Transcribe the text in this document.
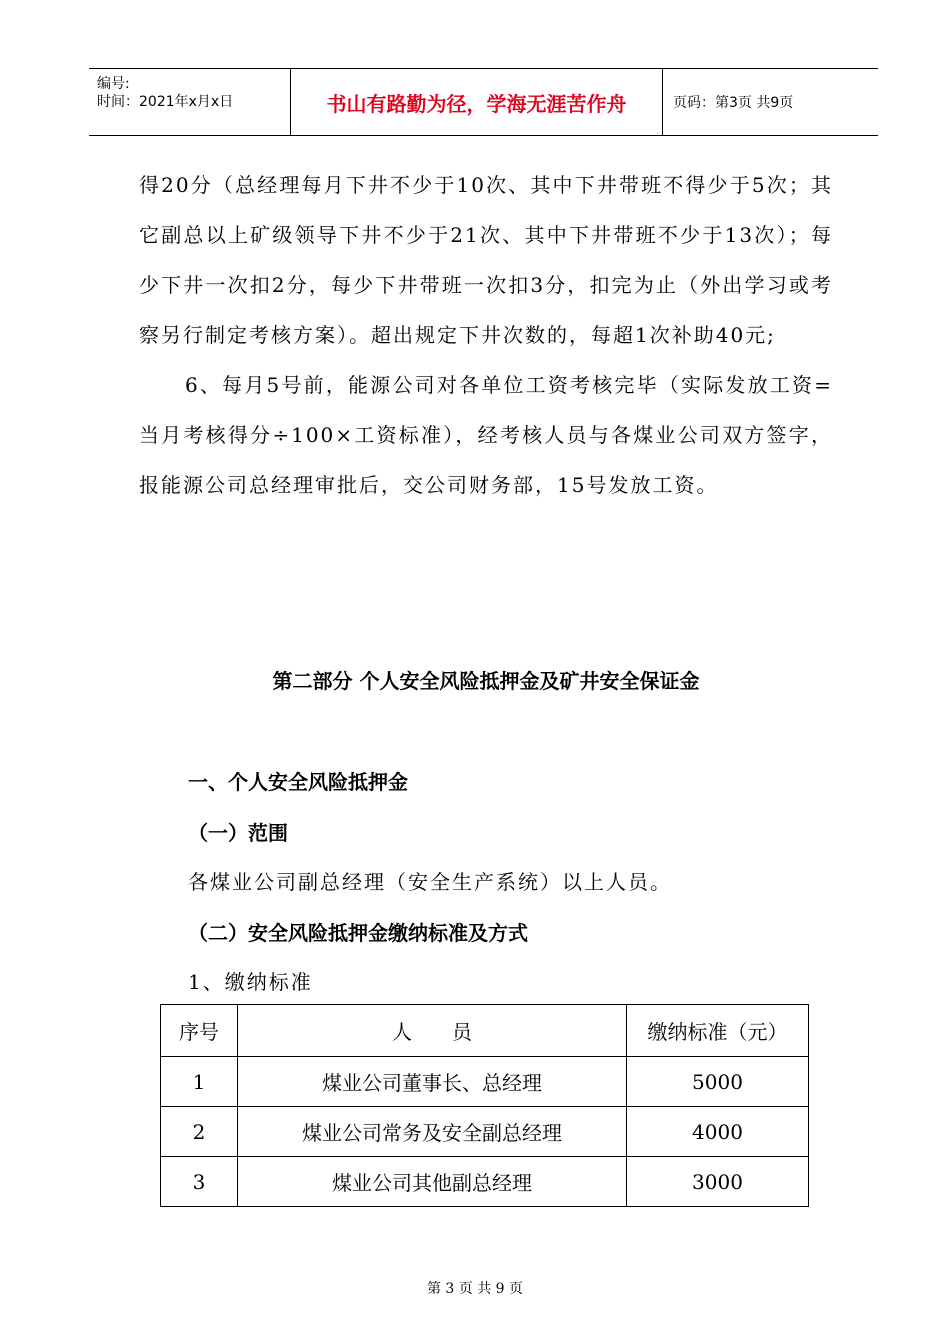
编号:
时间：2021年x月x日	书山有路勤为径，学海无涯苦作舟	页码：第3页 共9页

得20分（总经理每月下井不少于10次、其中下井带班不得少于5次；其它副总以上矿级领导下井不少于21次、其中下井带班不少于13次）；每少下井一次扣2分，每少下井带班一次扣3分，扣完为止（外出学习或考察另行制定考核方案）。超出规定下井次数的，每超1次补助40元;

6、每月5号前，能源公司对各单位工资考核完毕（实际发放工资=当月考核得分÷100×工资标准），经考核人员与各煤业公司双方签字，报能源公司总经理审批后，交公司财务部，15号发放工资。

第二部分 个人安全风险抵押金及矿井安全保证金
一、个人安全风险抵押金
（一）范围
各煤业公司副总经理（安全生产系统）以上人员。
（二）安全风险抵押金缴纳标准及方式
1、缴纳标准
序号	人　　员	缴纳标准（元）
1	煤业公司董事长、总经理	5000
2	煤业公司常务及安全副总经理	4000
3	煤业公司其他副总经理	3000
第 3 页 共 9 页
